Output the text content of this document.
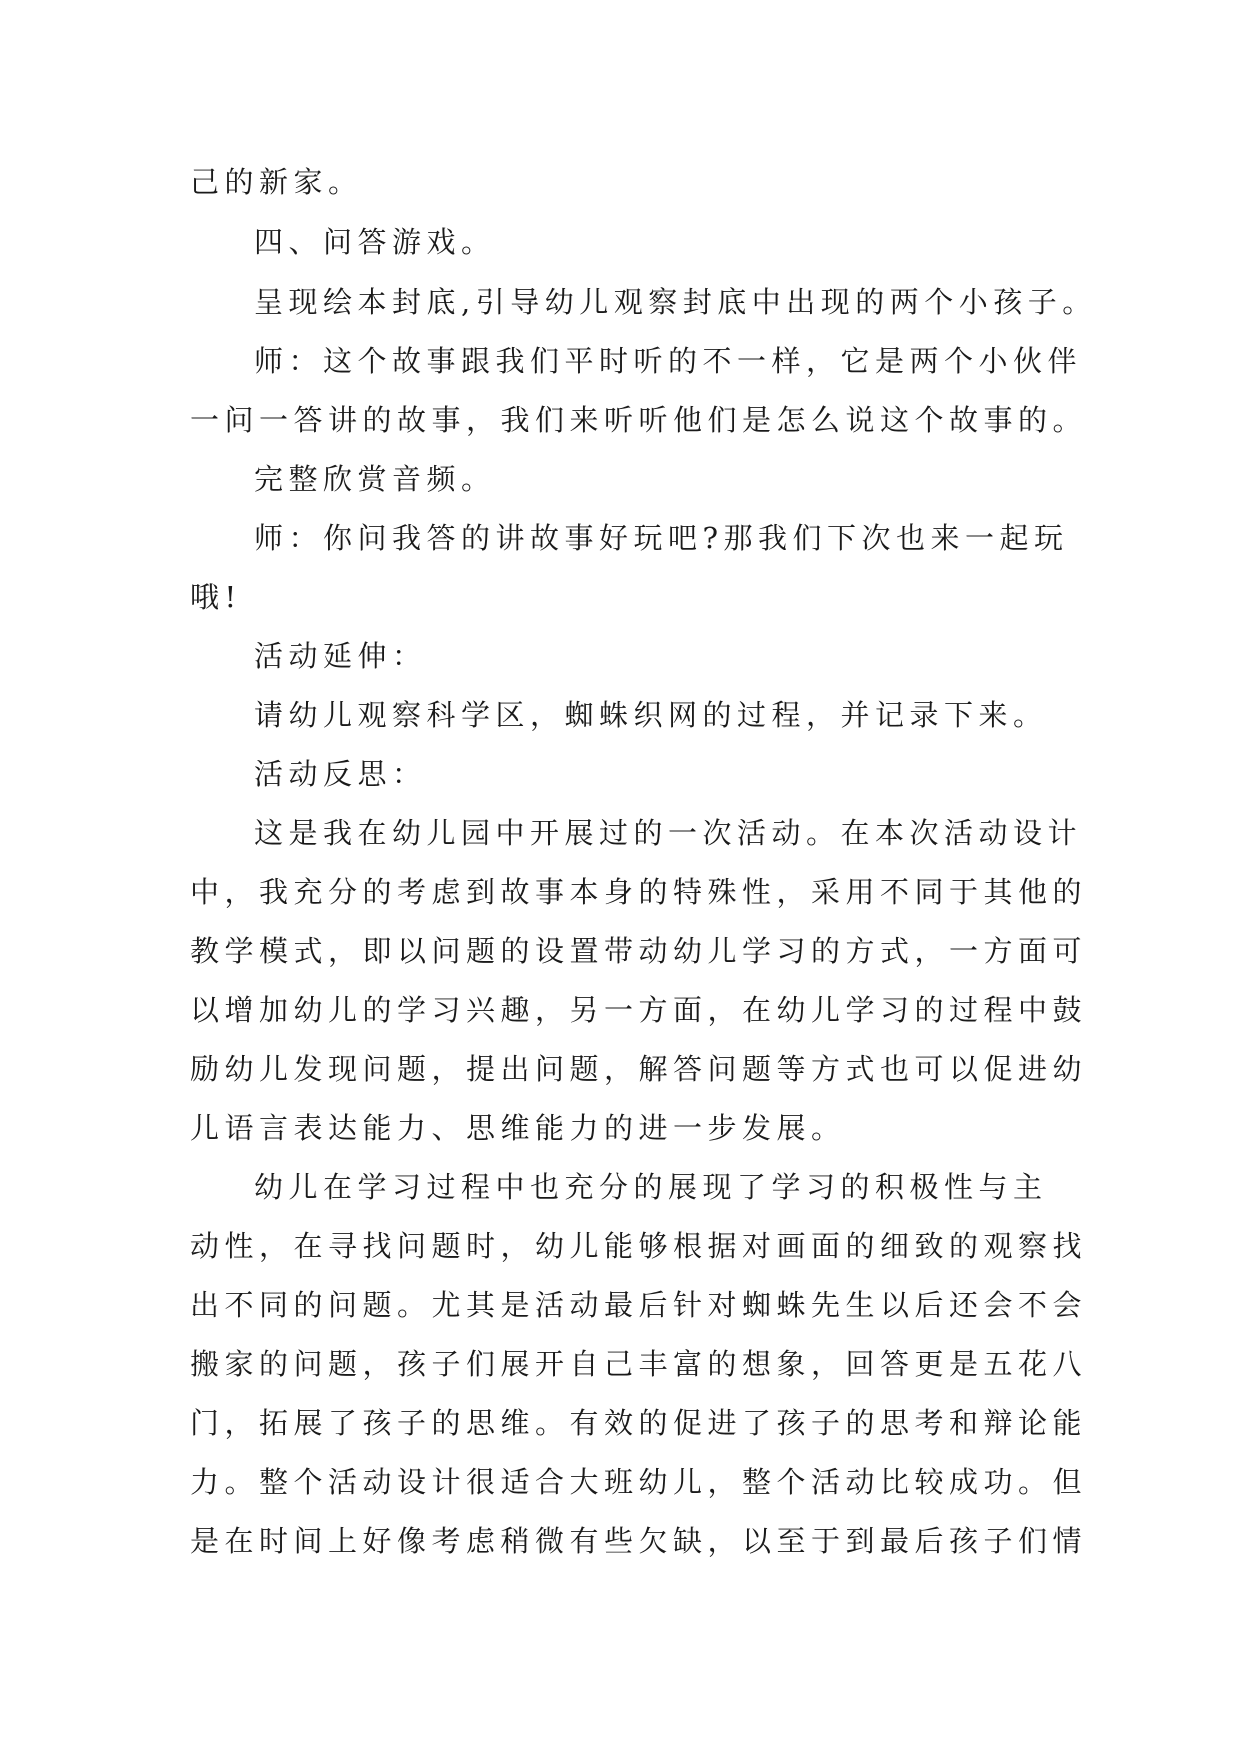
己的新家。
四、问答游戏。
呈现绘本封底,引导幼儿观察封底中出现的两个小孩子。
师：这个故事跟我们平时听的不一样，它是两个小伙伴
一问一答讲的故事，我们来听听他们是怎么说这个故事的。
完整欣赏音频。
师：你问我答的讲故事好玩吧?那我们下次也来一起玩
哦!
活动延伸：
请幼儿观察科学区，蜘蛛织网的过程，并记录下来。
活动反思：
这是我在幼儿园中开展过的一次活动。在本次活动设计
中，我充分的考虑到故事本身的特殊性，采用不同于其他的
教学模式，即以问题的设置带动幼儿学习的方式，一方面可
以增加幼儿的学习兴趣，另一方面，在幼儿学习的过程中鼓
励幼儿发现问题，提出问题，解答问题等方式也可以促进幼
儿语言表达能力、思维能力的进一步发展。
幼儿在学习过程中也充分的展现了学习的积极性与主
动性，在寻找问题时，幼儿能够根据对画面的细致的观察找
出不同的问题。尤其是活动最后针对蜘蛛先生以后还会不会
搬家的问题，孩子们展开自己丰富的想象，回答更是五花八
门，拓展了孩子的思维。有效的促进了孩子的思考和辩论能
力。整个活动设计很适合大班幼儿，整个活动比较成功。但
是在时间上好像考虑稍微有些欠缺，以至于到最后孩子们情
